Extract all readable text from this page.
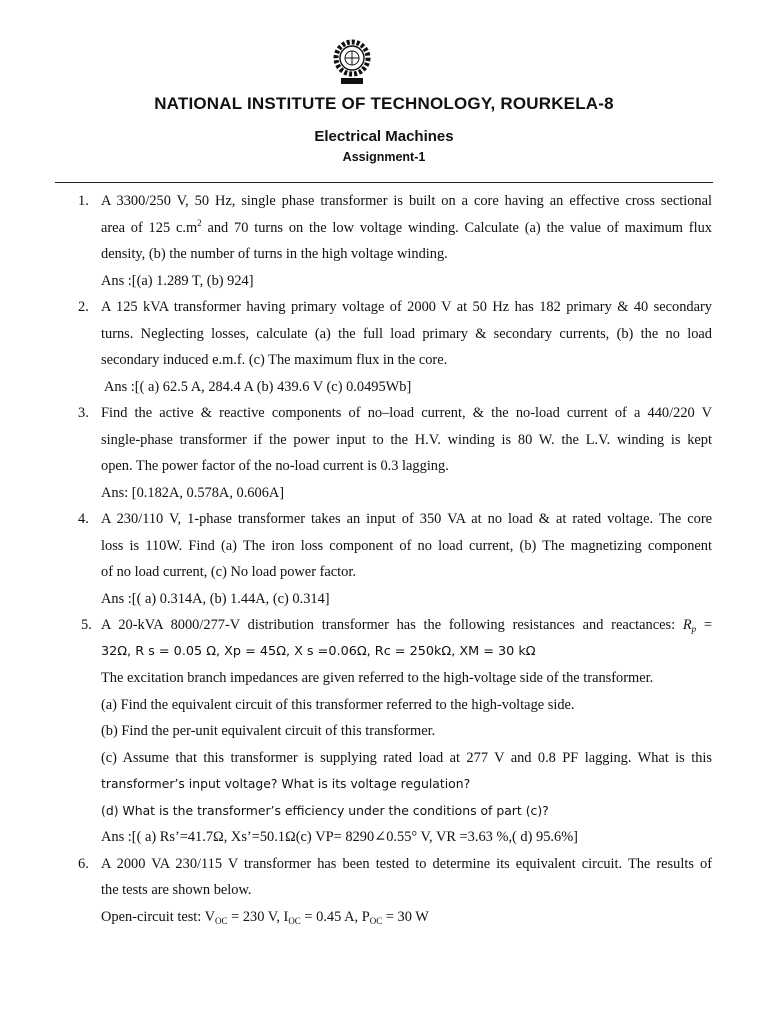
NATIONAL INSTITUTE OF TECHNOLOGY, ROURKELA-8
Electrical Machines
Assignment-1
1. A 3300/250 V, 50 Hz, single phase transformer is built on a core having an effective cross sectional
area of 125 $c.m^2$ and 70 turns on the low voltage winding. Calculate (a) the value of maximum flux
density, (b) the number of turns in the high voltage winding.
Ans :[(a) 1.289 T, (b) 924]
2. A 125 kVA transformer having primary voltage of 2000 V at 50 Hz has 182 primary & 40 secondary
turns. Neglecting losses, calculate (a) the full load primary & secondary currents, (b) the no load
secondary induced e.m.f. (c) The maximum flux in the core.
Ans :[( a) 62.5 A, 284.4 A (b) 439.6 V (c) 0.0495Wb]
3. Find the active & reactive components of no–load current, & the no-load current of a 440/220 V
single-phase transformer if the power input to the H.V. winding is 80 W. the L.V. winding is kept
open. The power factor of the no-load current is 0.3 lagging.
Ans: [0.182A, 0.578A, 0.606A]
4. A 230/110 V, 1-phase transformer takes an input of 350 VA at no load & at rated voltage. The core
loss is 110W. Find (a) The iron loss component of no load current, (b) The magnetizing component
of no load current, (c) No load power factor.
Ans :[( a) 0.314A, (b) 1.44A, (c) 0.314]
5. A 20-kVA 8000/277-V distribution transformer has the following resistances and reactances: $R_p$ =
32Ω, R s = 0.05 Ω, Xp = 45Ω, X s =0.06Ω, Rc = 250kΩ, XM = 30 kΩ
The excitation branch impedances are given referred to the high-voltage side of the transformer.
(a) Find the equivalent circuit of this transformer referred to the high-voltage side.
(b) Find the per-unit equivalent circuit of this transformer.
(c) Assume that this transformer is supplying rated load at 277 V and 0.8 PF lagging. What is this
transformer’s input voltage? What is its voltage regulation?
(d) What is the transformer’s efficiency under the conditions of part (c)?
Ans :[( a) Rs’=41.7Ω, Xs’=50.1Ω(c) VP= 8290∠0.55° V, VR =3.63 %,( d) 95.6%]
6. A 2000 VA 230/115 V transformer has been tested to determine its equivalent circuit. The results of
the tests are shown below.
Open-circuit test: $V_{OC} = 230$ V, $I_{OC} = 0.45$ A, $P_{OC} = 30$ W
